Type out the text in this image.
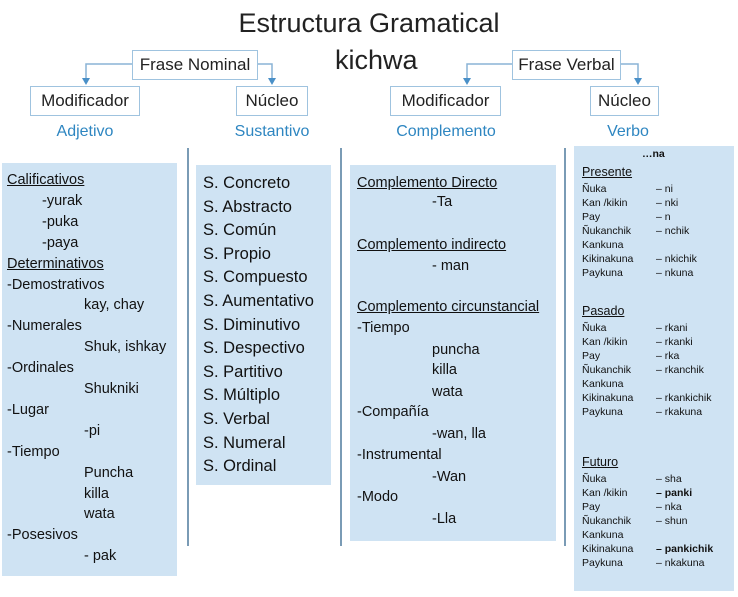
Estructura Gramatical
kichwa
Frase Nominal	Frase Verbal
Modificador	Núcleo	Modificador	Núcleo
Adjetivo	Sustantivo	Complemento	Verbo
Calificativos
-yurak
-puka
-paya
Determinativos
-Demostrativos
kay, chay
-Numerales
Shuk, ishkay
-Ordinales
Shukniki
-Lugar
-pi
-Tiempo
Puncha
killa
wata
-Posesivos
- pak
S. Concreto
S. Abstracto
S. Común
S. Propio
S. Compuesto
S. Aumentativo
S. Diminutivo
S. Despectivo
S. Partitivo
S. Múltiplo
S. Verbal
S. Numeral
S. Ordinal
Complemento Directo
-Ta
Complemento indirecto
- man
Complemento circunstancial
-Tiempo
puncha
killa
wata
-Compañía
-wan, lla
-Instrumental
-Wan
-Modo
-Lla
…na
Presente
Ñuka	– ni
Kan /kikin	– nki
Pay	– n
Ñukanchik – nchik
Kankuna
Kikinakuna – nkichik
Paykuna	– nkuna
Pasado
Ñuka	– rkani
Kan /kikin	– rkanki
Pay	– rka
Ñukanchik – rkanchik
Kankuna
Kikinakuna – rkankichik
Paykuna	– rkakuna
Futuro
Ñuka	– sha
Kan /kikin	– panki
Pay	– nka
Ñukanchik – shun
Kankuna
Kikinakuna – pankichik
Paykuna	– nkakuna
